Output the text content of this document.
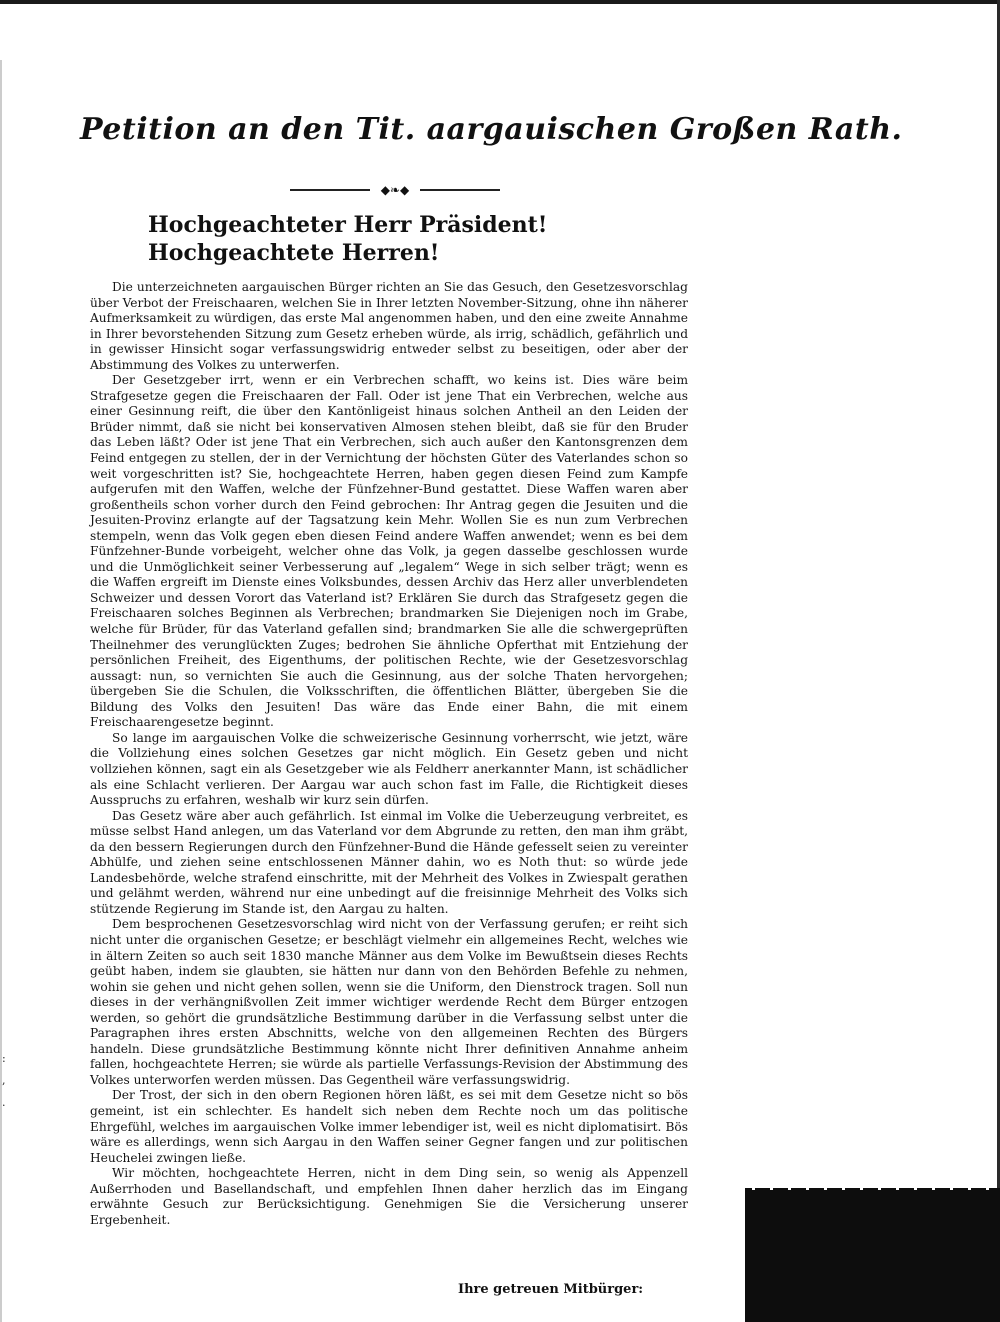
:
,
.
Petition an den Tit. aargauischen Großen Rath.
◆❧◆
Hochgeachteter Herr Präsident!
Hochgeachtete Herren!

Die unterzeichneten aargauischen Bürger richten an Sie das Gesuch, den Gesetzesvorschlag über Verbot der Freischaaren, welchen Sie in Ihrer letzten November-Sitzung, ohne ihn näherer Aufmerksamkeit zu würdigen, das erste Mal angenommen haben, und den eine zweite Annahme in Ihrer bevorstehenden Sitzung zum Gesetz erheben würde, als irrig, schädlich, gefährlich und in gewisser Hinsicht sogar verfassungswidrig entweder selbst zu beseitigen, oder aber der Abstimmung des Volkes zu unterwerfen.

Der Gesetzgeber irrt, wenn er ein Verbrechen schafft, wo keins ist. Dies wäre beim Strafgesetze gegen die Freischaaren der Fall. Oder ist jene That ein Verbrechen, welche aus einer Gesinnung reift, die über den Kantönligeist hinaus solchen Antheil an den Leiden der Brüder nimmt, daß sie nicht bei konservativen Almosen stehen bleibt, daß sie für den Bruder das Leben läßt? Oder ist jene That ein Verbrechen, sich auch außer den Kantonsgrenzen dem Feind entgegen zu stellen, der in der Vernichtung der höchsten Güter des Vaterlandes schon so weit vorgeschritten ist? Sie, hochgeachtete Herren, haben gegen diesen Feind zum Kampfe aufgerufen mit den Waffen, welche der Fünfzehner-Bund gestattet. Diese Waffen waren aber großentheils schon vorher durch den Feind gebrochen: Ihr Antrag gegen die Jesuiten und die Jesuiten-Provinz erlangte auf der Tagsatzung kein Mehr. Wollen Sie es nun zum Verbrechen stempeln, wenn das Volk gegen eben diesen Feind andere Waffen anwendet; wenn es bei dem Fünfzehner-Bunde vorbeigeht, welcher ohne das Volk, ja gegen dasselbe geschlossen wurde und die Unmöglichkeit seiner Verbesserung auf „legalem“ Wege in sich selber trägt; wenn es die Waffen ergreift im Dienste eines Volksbundes, dessen Archiv das Herz aller unverblendeten Schweizer und dessen Vorort das Vaterland ist? Erklären Sie durch das Strafgesetz gegen die Freischaaren solches Beginnen als Verbrechen; brandmarken Sie Diejenigen noch im Grabe, welche für Brüder, für das Vaterland gefallen sind; brandmarken Sie alle die schwergeprüften Theilnehmer des verunglückten Zuges; bedrohen Sie ähnliche Opferthat mit Entziehung der persönlichen Freiheit, des Eigenthums, der politischen Rechte, wie der Gesetzesvorschlag aussagt: nun, so vernichten Sie auch die Gesinnung, aus der solche Thaten hervorgehen; übergeben Sie die Schulen, die Volksschriften, die öffentlichen Blätter, übergeben Sie die Bildung des Volks den Jesuiten! Das wäre das Ende einer Bahn, die mit einem Freischaarengesetze beginnt.

So lange im aargauischen Volke die schweizerische Gesinnung vorherrscht, wie jetzt, wäre die Vollziehung eines solchen Gesetzes gar nicht möglich. Ein Gesetz geben und nicht vollziehen können, sagt ein als Gesetzgeber wie als Feldherr anerkannter Mann, ist schädlicher als eine Schlacht verlieren. Der Aargau war auch schon fast im Falle, die Richtigkeit dieses Ausspruchs zu erfahren, weshalb wir kurz sein dürfen.

Das Gesetz wäre aber auch gefährlich. Ist einmal im Volke die Ueberzeugung verbreitet, es müsse selbst Hand anlegen, um das Vaterland vor dem Abgrunde zu retten, den man ihm gräbt, da den bessern Regierungen durch den Fünfzehner-Bund die Hände gefesselt seien zu vereinter Abhülfe, und ziehen seine entschlossenen Männer dahin, wo es Noth thut: so würde jede Landesbehörde, welche strafend einschritte, mit der Mehrheit des Volkes in Zwiespalt gerathen und gelähmt werden, während nur eine unbedingt auf die freisinnige Mehrheit des Volks sich stützende Regierung im Stande ist, den Aargau zu halten.

Dem besprochenen Gesetzesvorschlag wird nicht von der Verfassung gerufen; er reiht sich nicht unter die organischen Gesetze; er beschlägt vielmehr ein allgemeines Recht, welches wie in ältern Zeiten so auch seit 1830 manche Männer aus dem Volke im Bewußtsein dieses Rechts geübt haben, indem sie glaubten, sie hätten nur dann von den Behörden Befehle zu nehmen, wohin sie gehen und nicht gehen sollen, wenn sie die Uniform, den Dienstrock tragen. Soll nun dieses in der verhängnißvollen Zeit immer wichtiger werdende Recht dem Bürger entzogen werden, so gehört die grundsätzliche Bestimmung darüber in die Verfassung selbst unter die Paragraphen ihres ersten Abschnitts, welche von den allgemeinen Rechten des Bürgers handeln. Diese grundsätzliche Bestimmung könnte nicht Ihrer definitiven Annahme anheim fallen, hochgeachtete Herren; sie würde als partielle Verfassungs-Revision der Abstimmung des Volkes unterworfen werden müssen. Das Gegentheil wäre verfassungswidrig.

Der Trost, der sich in den obern Regionen hören läßt, es sei mit dem Gesetze nicht so bös gemeint, ist ein schlechter. Es handelt sich neben dem Rechte noch um das politische Ehrgefühl, welches im aargauischen Volke immer lebendiger ist, weil es nicht diplomatisirt. Bös wäre es allerdings, wenn sich Aargau in den Waffen seiner Gegner fangen und zur politischen Heuchelei zwingen ließe.

Wir möchten, hochgeachtete Herren, nicht in dem Ding sein, so wenig als Appenzell Außerrhoden und Basellandschaft, und empfehlen Ihnen daher herzlich das im Eingang erwähnte Gesuch zur Berücksichtigung. Genehmigen Sie die Versicherung unserer Ergebenheit.

Ihre getreuen Mitbürger:
